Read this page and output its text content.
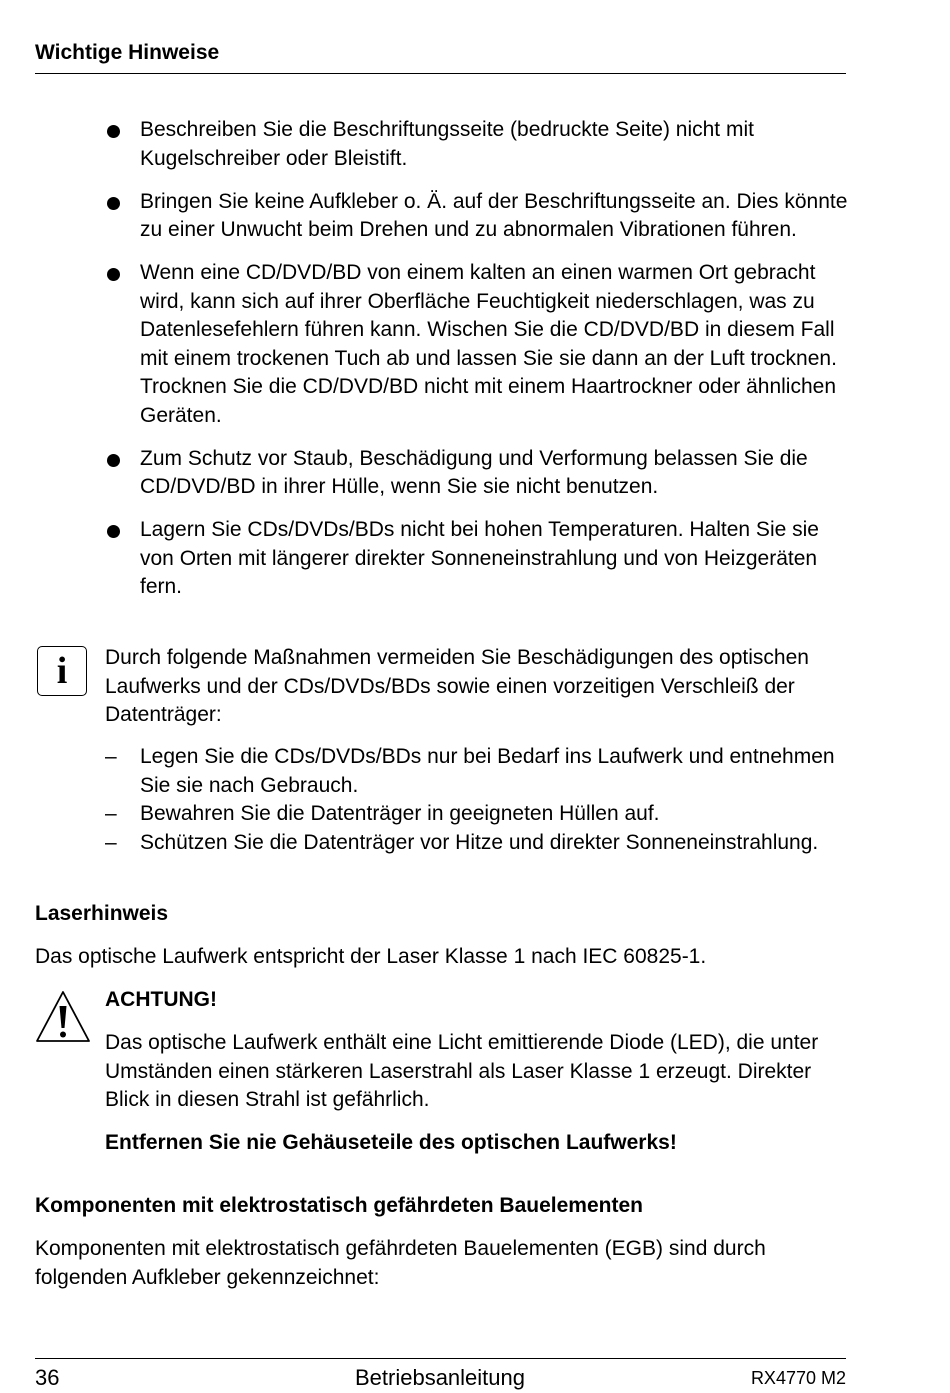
Wichtige Hinweise
Beschreiben Sie die Beschriftungsseite (bedruckte Seite) nicht mit Kugelschreiber oder Bleistift.
Bringen Sie keine Aufkleber o. Ä. auf der Beschriftungsseite an. Dies könnte zu einer Unwucht beim Drehen und zu abnormalen Vibrationen führen.
Wenn eine CD/DVD/BD von einem kalten an einen warmen Ort gebracht wird, kann sich auf ihrer Oberfläche Feuchtigkeit niederschlagen, was zu Datenlesefehlern führen kann. Wischen Sie die CD/DVD/BD in diesem Fall mit einem trockenen Tuch ab und lassen Sie sie dann an der Luft trocknen. Trocknen Sie die CD/DVD/BD nicht mit einem Haartrockner oder ähnlichen Geräten.
Zum Schutz vor Staub, Beschädigung und Verformung belassen Sie die CD/DVD/BD in ihrer Hülle, wenn Sie sie nicht benutzen.
Lagern Sie CDs/DVDs/BDs nicht bei hohen Temperaturen. Halten Sie sie von Orten mit längerer direkter Sonneneinstrahlung und von Heizgeräten fern.
i	Durch folgende Maßnahmen vermeiden Sie Beschädigungen des optischen Laufwerks und der CDs/DVDs/BDs sowie einen vorzeitigen Verschleiß der Datenträger:
– Legen Sie die CDs/DVDs/BDs nur bei Bedarf ins Laufwerk und entnehmen Sie sie nach Gebrauch.
– Bewahren Sie die Datenträger in geeigneten Hüllen auf.
– Schützen Sie die Datenträger vor Hitze und direkter Sonneneinstrahlung.
Laserhinweis
Das optische Laufwerk entspricht der Laser Klasse 1 nach IEC 60825-1.
ACHTUNG!
Das optische Laufwerk enthält eine Licht emittierende Diode (LED), die unter Umständen einen stärkeren Laserstrahl als Laser Klasse 1 erzeugt. Direkter Blick in diesen Strahl ist gefährlich.
Entfernen Sie nie Gehäuseteile des optischen Laufwerks!
Komponenten mit elektrostatisch gefährdeten Bauelementen
Komponenten mit elektrostatisch gefährdeten Bauelementen (EGB) sind durch folgenden Aufkleber gekennzeichnet:
36	Betriebsanleitung	RX4770 M2
